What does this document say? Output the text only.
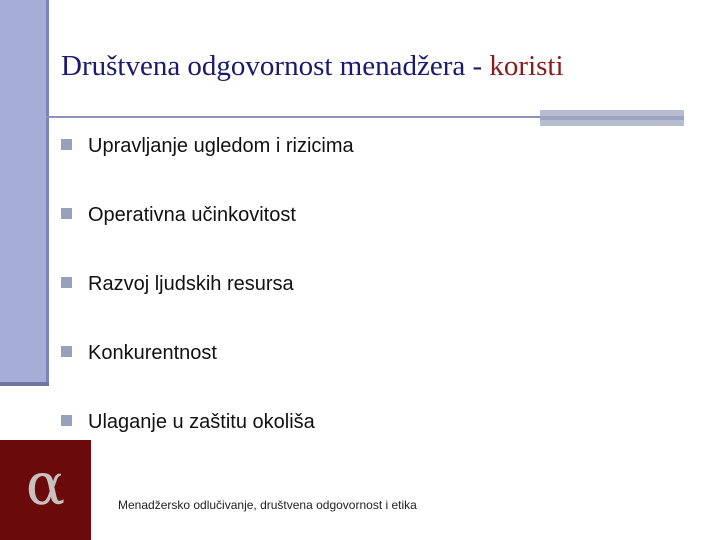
Društvena odgovornost menadžera - koristi
Upravljanje ugledom i rizicima
Operativna učinkovitost
Razvoj ljudskih resursa
Konkurentnost
Ulaganje u zaštitu okoliša
α	Menadžersko odlučivanje, društvena odgovornost i etika
